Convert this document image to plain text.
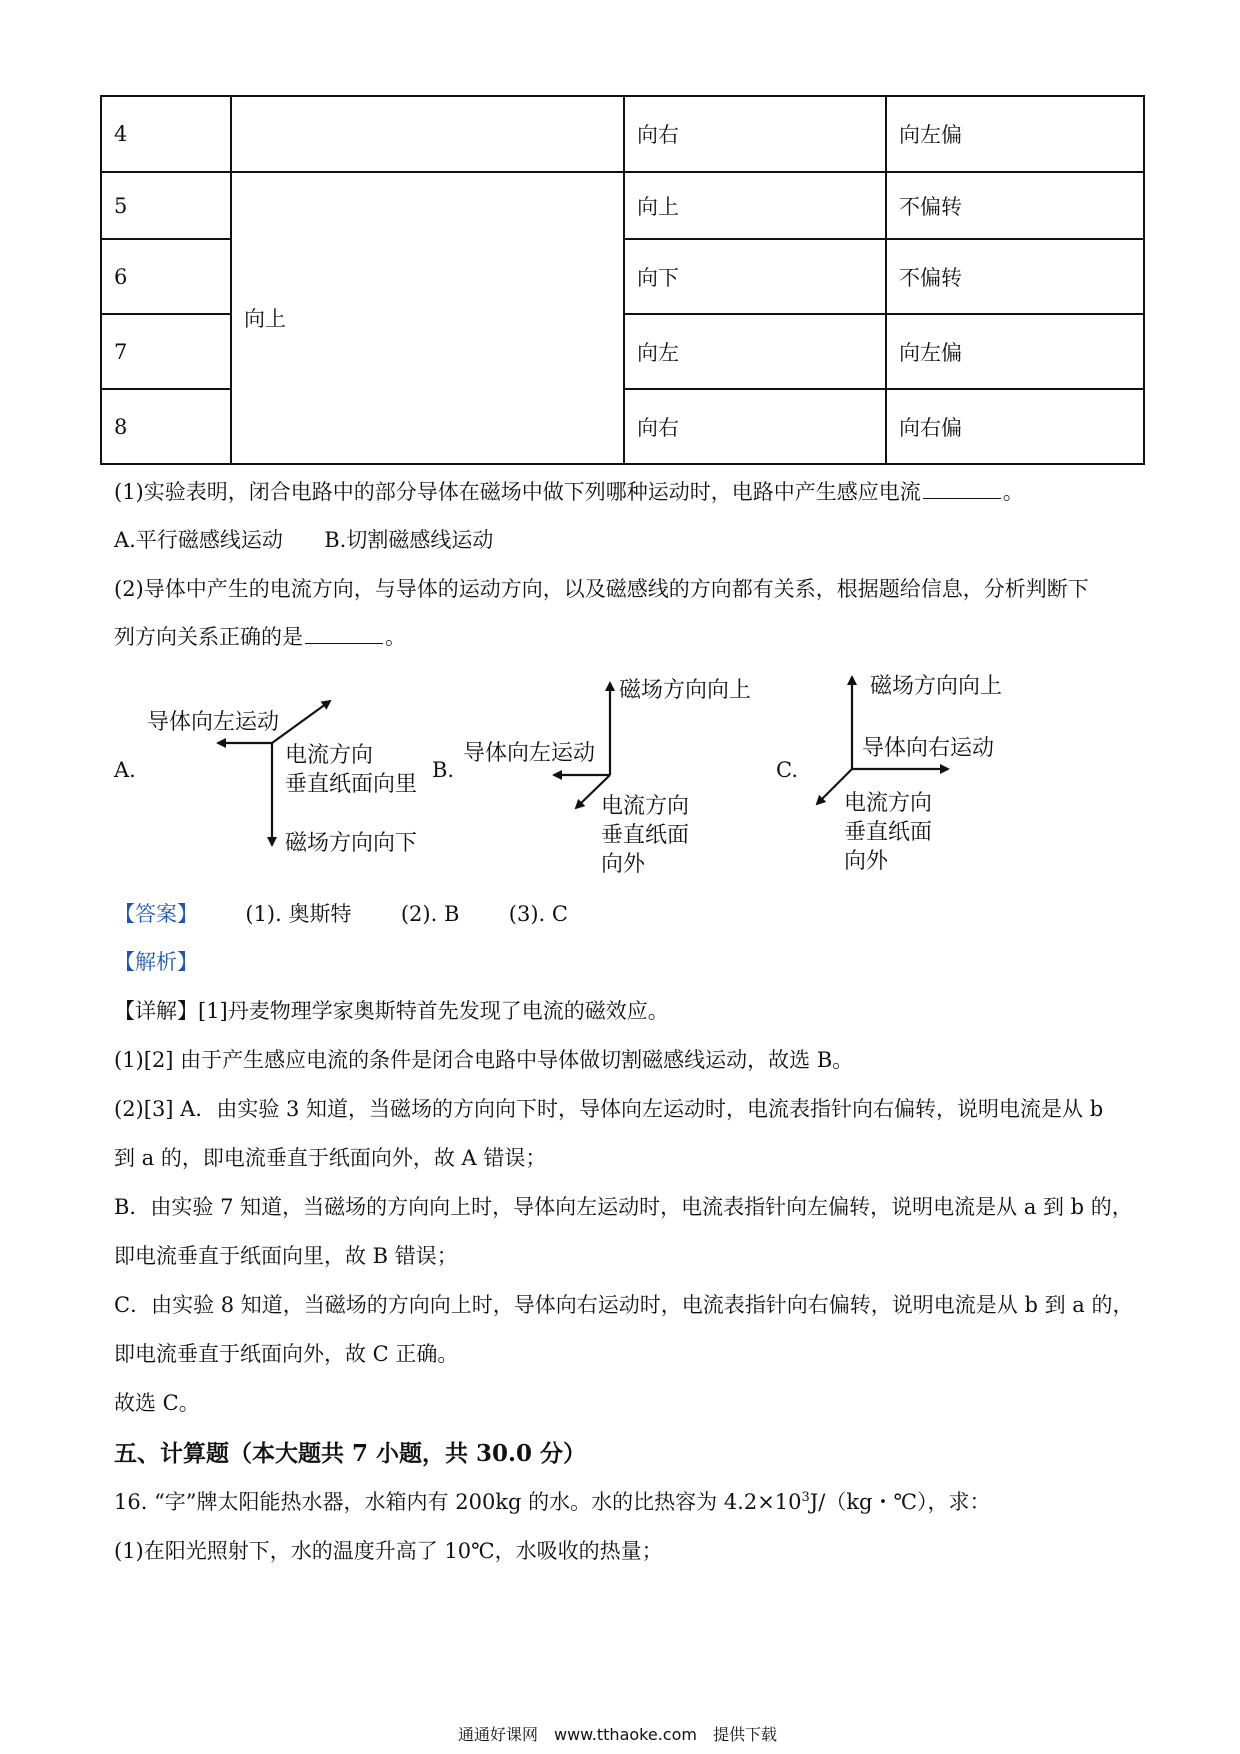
4		向右	向左偏
5	向上	向上	不偏转
6		向下	不偏转
7		向左	向左偏
8		向右	向右偏
(1)实验表明，闭合电路中的部分导体在磁场中做下列哪种运动时，电路中产生感应电流	。
A.平行磁感线运动 B.切割磁感线运动
(2)导体中产生的电流方向，与导体的运动方向，以及磁感线的方向都有关系，根据题给信息，分析判断下
列方向关系正确的是	。
A.
导体向左运动
电流方向
垂直纸面向里
磁场方向向下
B.
磁场方向向上
导体向左运动
电流方向
垂直纸面
向外
C.
磁场方向向上
导体向右运动
电流方向
垂直纸面
向外
【答案】 (1). 奥斯特 (2). B (3). C
【解析】
【详解】[1]丹麦物理学家奥斯特首先发现了电流的磁效应。
(1)[2] 由于产生感应电流的条件是闭合电路中导体做切割磁感线运动，故选 B。
(2)[3] A．由实验 3 知道，当磁场的方向向下时，导体向左运动时，电流表指针向右偏转，说明电流是从 b
到 a 的，即电流垂直于纸面向外，故 A 错误；
B．由实验 7 知道，当磁场的方向向上时，导体向左运动时，电流表指针向左偏转，说明电流是从 a 到 b 的，
即电流垂直于纸面向里，故 B 错误；
C．由实验 8 知道，当磁场的方向向上时，导体向右运动时，电流表指针向右偏转，说明电流是从 b 到 a 的，
即电流垂直于纸面向外，故 C 正确。
故选 C。
五、计算题（本大题共 7 小题，共 30.0 分）
16. “字”牌太阳能热水器，水箱内有 200kg 的水。水的比热容为 $4.2\times 10^3J/(kg$・℃），求：
(1)在阳光照射下，水的温度升高了 10℃，水吸收的热量；
通通好课网　www.tthaoke.com　提供下载
